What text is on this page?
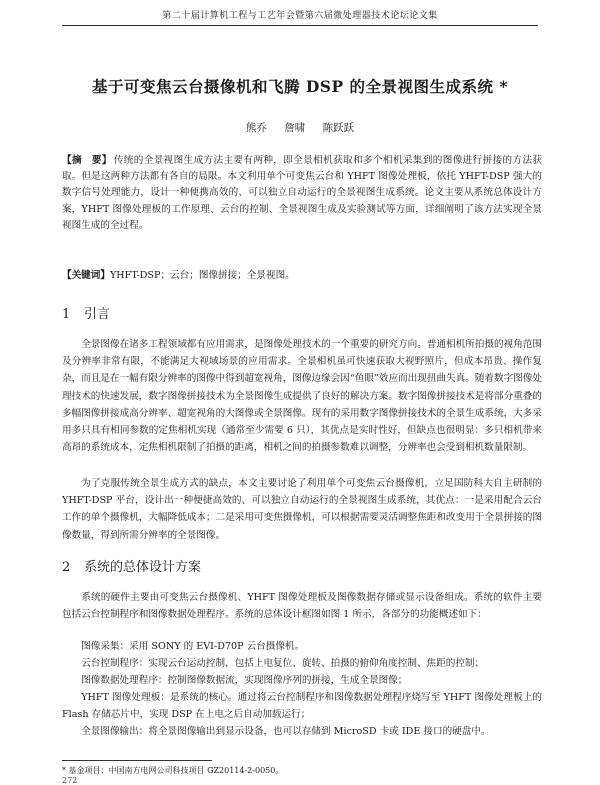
第二十届计算机工程与工艺年会暨第六届微处理器技术论坛论文集
基于可变焦云台摄像机和飞腾 DSP 的全景视图生成系统 *
熊乔 詹啸 陈跃跃
【摘　要】 传统的全景视图生成方法主要有两种，即全景相机获取和多个相机采集到的图像进行拼接的方法获取。但是这两种方法都有各自的局限。本文利用单个可变焦云台和 YHFT 图像处理板，依托 YHFT-DSP 强大的数字信号处理能力，设计一种便携高效的、可以独立自动运行的全景视图生成系统。论文主要从系统总体设计方案，YHFT 图像处理板的工作原理、云台的控制、全景视图生成及实验测试等方面，详细阐明了该方法实现全景视图生成的全过程。
【关键词】YHFT-DSP；云台；图像拼接；全景视图。
1 引言

全景图像在诸多工程领域都有应用需求，是图像处理技术的一个重要的研究方向。普通相机所拍摄的视角范围及分辨率非常有限，不能满足大视域场景的应用需求。全景相机虽可快速获取大视野照片，但成本昂贵、操作复杂，而且是在一幅有限分辨率的图像中得到超宽视角，图像边缘会因“鱼眼”效应而出现扭曲失真。随着数字图像处理技术的快速发展，数字图像拼接技术为全景图像生成提供了良好的解决方案。数字图像拼接技术是将部分重叠的多幅图像拼接成高分辨率、超宽视角的大图像或全景图像。现有的采用数字图像拼接技术的全景生成系统，大多采用多只具有相同参数的定焦相机实现（通常至少需要 6 只），其优点是实时性好，但缺点也很明显：多只相机带来高昂的系统成本，定焦相机限制了拍摄的距离，相机之间的拍摄参数难以调整，分辨率也会受到相机数量限制。

为了克服传统全景生成方式的缺点，本文主要讨论了利用单个可变焦云台摄像机，立足国防科大自主研制的 YHFT-DSP 平台，设计出一种便捷高效的、可以独立自动运行的全景视图生成系统，其优点：一是采用配合云台工作的单个摄像机，大幅降低成本；二是采用可变焦摄像机，可以根据需要灵活调整焦距和改变用于全景拼接的图像数量，得到所需分辨率的全景图像。

2 系统的总体设计方案

系统的硬件主要由可变焦云台摄像机、YHFT 图像处理板及图像数据存储或显示设备组成。系统的软件主要包括云台控制程序和图像数据处理程序。系统的总体设计框图如图 1 所示，各部分的功能概述如下：

图像采集：采用 SONY 的 EVI-D70P 云台摄像机。

云台控制程序：实现云台运动控制，包括上电复位、旋转、拍摄的俯仰角度控制、焦距的控制；

图像数据处理程序：控制图像数据流，实现图像序列的拼接，生成全景图像；

YHFT 图像处理板：是系统的核心。通过将云台控制程序和图像数据处理程序烧写至 YHFT 图像处理板上的 Flash 存储芯片中，实现 DSP 在上电之后自动加载运行；

全景图像输出：将全景图像输出到显示设备，也可以存储到 MicroSD 卡或 IDE 接口的硬盘中。

* 基金项目：中国南方电网公司科技项目 GZ20114-2-0050。
272
